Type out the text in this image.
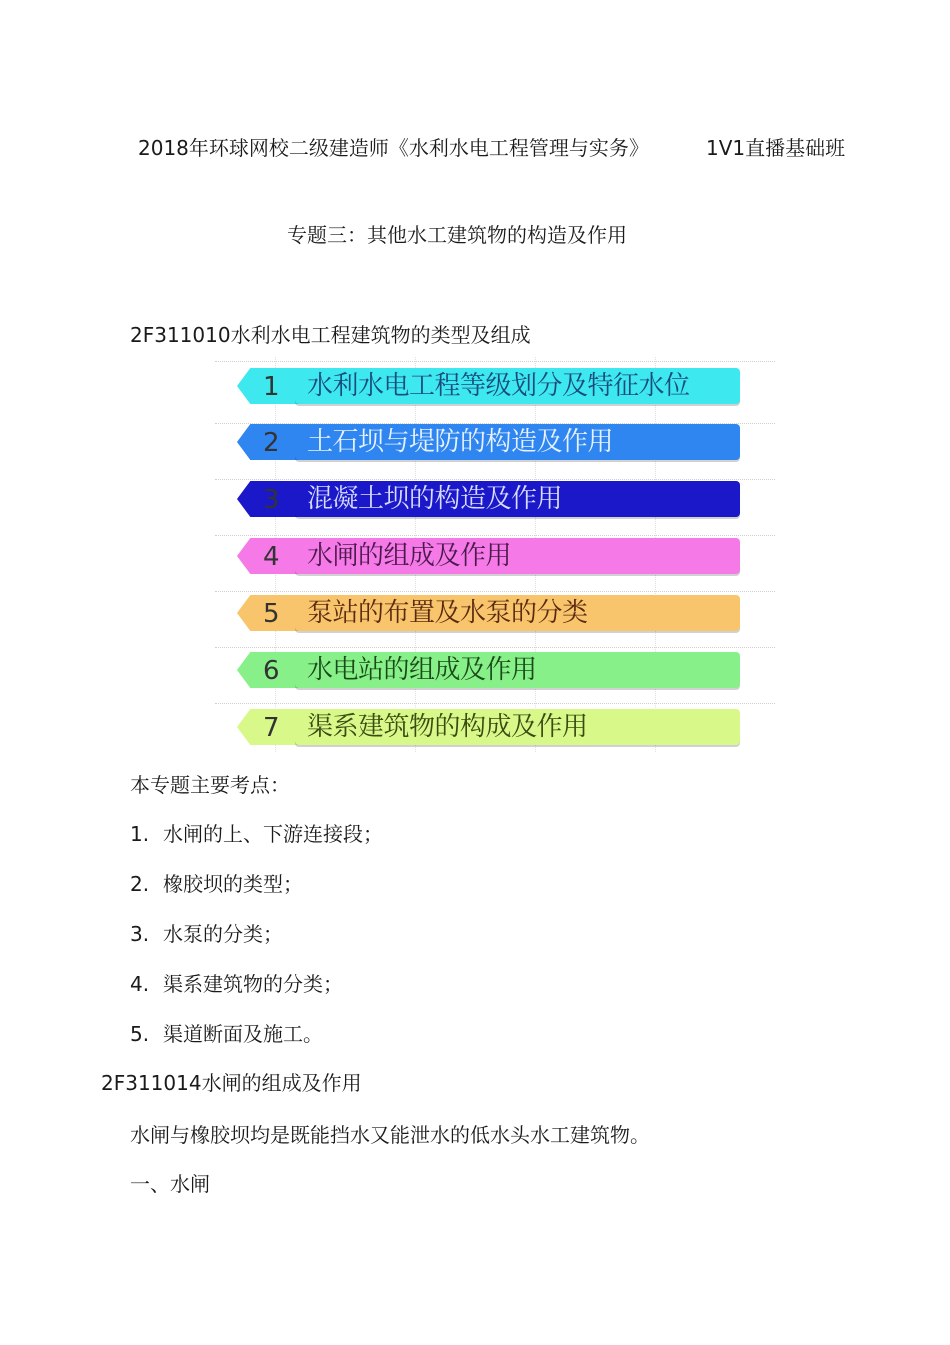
2018年环球网校二级建造师《水利水电工程管理与实务》	1V1直播基础班
专题三：其他水工建筑物的构造及作用
2F311010水利水电工程建筑物的类型及组成
1 水利水电工程等级划分及特征水位
2 土石坝与堤防的构造及作用
3 混凝土坝的构造及作用
4 水闸的组成及作用
5 泵站的布置及水泵的分类
6 水电站的组成及作用
7 渠系建筑物的构成及作用
本专题主要考点：
1. 水闸的上、下游连接段；
2. 橡胶坝的类型；
3. 水泵的分类；
4. 渠系建筑物的分类；
5. 渠道断面及施工。
2F311014水闸的组成及作用
水闸与橡胶坝均是既能挡水又能泄水的低水头水工建筑物。
一、水闸
